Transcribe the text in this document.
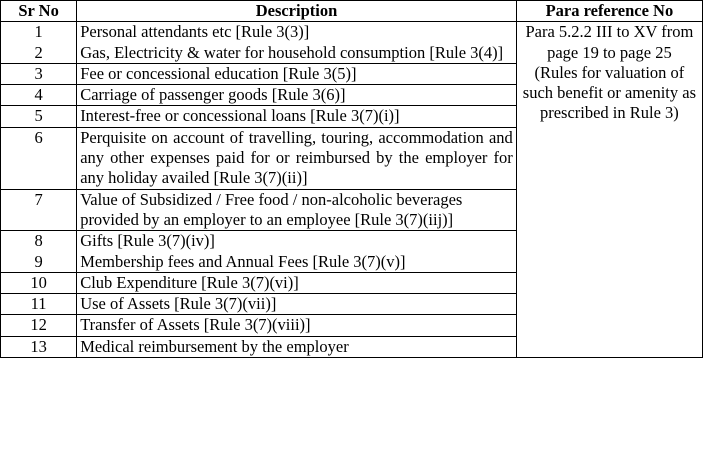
Sr No	Description	Para reference No
1	Personal attendants etc [Rule 3(3)]	Para 5.2.2 III to XV from page 19 to page 25
(Rules for valuation of such benefit or amenity as prescribed in Rule 3)

2	Gas, Electricity & water for household consumption [Rule 3(4)]	
3	Fee or concessional education [Rule 3(5)]	
4	Carriage of passenger goods [Rule 3(6)]	
5	Interest-free or concessional loans [Rule 3(7)(i)]	
6	Perquisite on account of travelling, touring, accommodation and any other expenses paid for or reimbursed by the employer for any holiday availed [Rule 3(7)(ii)]	
7	Value of Subsidized / Free food / non-alcoholic beverages provided by an employer to an employee [Rule 3(7)(iij)]	
8	Gifts [Rule 3(7)(iv)]	
9	Membership fees and Annual Fees [Rule 3(7)(v)]	
10	Club Expenditure [Rule 3(7)(vi)]	
11	Use of Assets [Rule 3(7)(vii)]	
12	Transfer of Assets [Rule 3(7)(viii)]	
13	Medical reimbursement by the employer	
